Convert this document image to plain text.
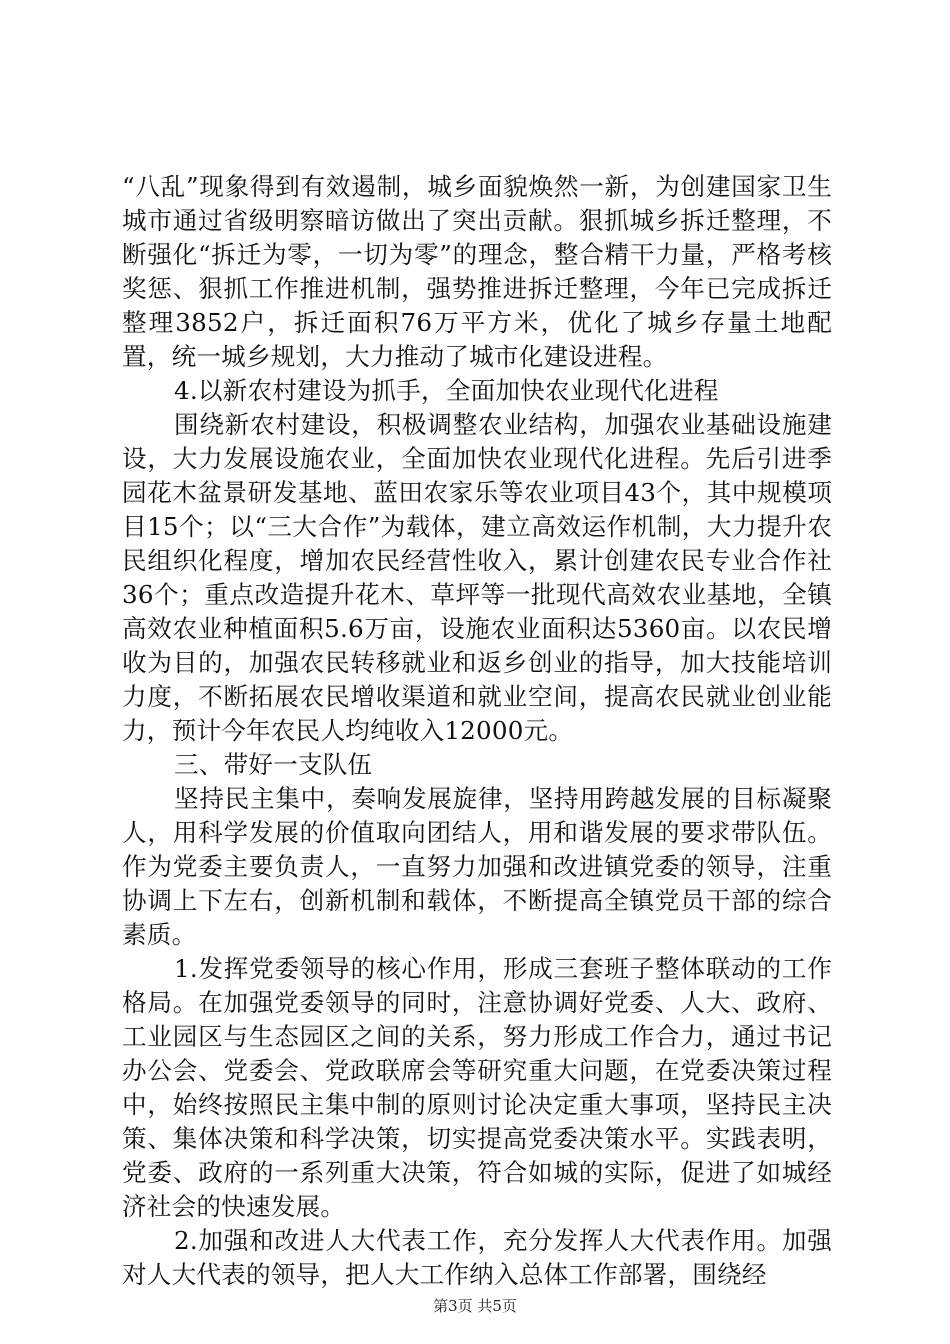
“八乱”现象得到有效遏制，城乡面貌焕然一新，为创建国家卫生城市通过省级明察暗访做出了突出贡献。狠抓城乡拆迁整理，不断强化“拆迁为零，一切为零”的理念，整合精干力量，严格考核奖惩、狠抓工作推进机制，强势推进拆迁整理，今年已完成拆迁整理3852户，拆迁面积76万平方米，优化了城乡存量土地配置，统一城乡规划，大力推动了城市化建设进程。

4.以新农村建设为抓手，全面加快农业现代化进程

围绕新农村建设，积极调整农业结构，加强农业基础设施建设，大力发展设施农业，全面加快农业现代化进程。先后引进季园花木盆景研发基地、蓝田农家乐等农业项目43个，其中规模项目15个；以“三大合作”为载体，建立高效运作机制，大力提升农民组织化程度，增加农民经营性收入，累计创建农民专业合作社36个；重点改造提升花木、草坪等一批现代高效农业基地，全镇高效农业种植面积5.6万亩，设施农业面积达5360亩。以农民增收为目的，加强农民转移就业和返乡创业的指导，加大技能培训力度，不断拓展农民增收渠道和就业空间，提高农民就业创业能力，预计今年农民人均纯收入12000元。

三、带好一支队伍

坚持民主集中，奏响发展旋律，坚持用跨越发展的目标凝聚人，用科学发展的价值取向团结人，用和谐发展的要求带队伍。作为党委主要负责人，一直努力加强和改进镇党委的领导，注重协调上下左右，创新机制和载体，不断提高全镇党员干部的综合素质。

1.发挥党委领导的核心作用，形成三套班子整体联动的工作格局。在加强党委领导的同时，注意协调好党委、人大、政府、工业园区与生态园区之间的关系，努力形成工作合力，通过书记办公会、党委会、党政联席会等研究重大问题，在党委决策过程中，始终按照民主集中制的原则讨论决定重大事项，坚持民主决策、集体决策和科学决策，切实提高党委决策水平。实践表明，党委、政府的一系列重大决策，符合如城的实际，促进了如城经济社会的快速发展。

2.加强和改进人大代表工作，充分发挥人大代表作用。加强对人大代表的领导，把人大工作纳入总体工作部署，围绕经

第3页 共5页
